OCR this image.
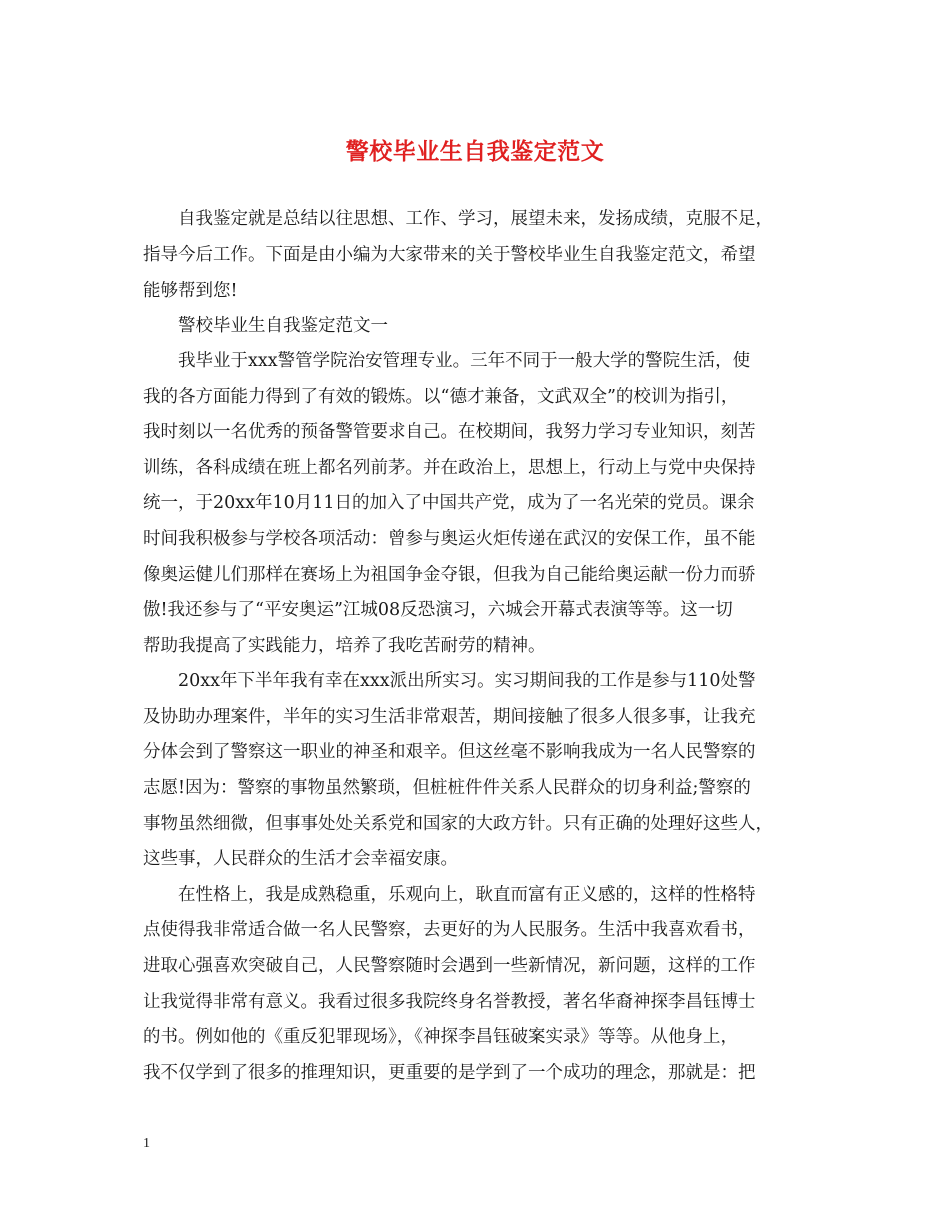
警校毕业生自我鉴定范文
自我鉴定就是总结以往思想、工作、学习，展望未来，发扬成绩，克服不足，
指导今后工作。下面是由小编为大家带来的关于警校毕业生自我鉴定范文，希望
能够帮到您!
警校毕业生自我鉴定范文一
我毕业于xxx警管学院治安管理专业。三年不同于一般大学的警院生活，使
我的各方面能力得到了有效的锻炼。以“德才兼备，文武双全”的校训为指引，
我时刻以一名优秀的预备警管要求自己。在校期间，我努力学习专业知识，刻苦
训练，各科成绩在班上都名列前茅。并在政治上，思想上，行动上与党中央保持
统一，于20xx年10月11日的加入了中国共产党，成为了一名光荣的党员。课余
时间我积极参与学校各项活动：曾参与奥运火炬传递在武汉的安保工作，虽不能
像奥运健儿们那样在赛场上为祖国争金夺银，但我为自己能给奥运献一份力而骄
傲!我还参与了“平安奥运”江城08反恐演习，六城会开幕式表演等等。这一切
帮助我提高了实践能力，培养了我吃苦耐劳的精神。
20xx年下半年我有幸在xxx派出所实习。实习期间我的工作是参与110处警
及协助办理案件，半年的实习生活非常艰苦，期间接触了很多人很多事，让我充
分体会到了警察这一职业的神圣和艰辛。但这丝毫不影响我成为一名人民警察的
志愿!因为：警察的事物虽然繁琐，但桩桩件件关系人民群众的切身利益;警察的
事物虽然细微，但事事处处关系党和国家的大政方针。只有正确的处理好这些人，
这些事，人民群众的生活才会幸福安康。
在性格上，我是成熟稳重，乐观向上，耿直而富有正义感的，这样的性格特
点使得我非常适合做一名人民警察，去更好的为人民服务。生活中我喜欢看书，
进取心强喜欢突破自己，人民警察随时会遇到一些新情况，新问题，这样的工作
让我觉得非常有意义。我看过很多我院终身名誉教授，著名华裔神探李昌钰博士
的书。例如他的《重反犯罪现场》，《神探李昌钰破案实录》等等。从他身上，
我不仅学到了很多的推理知识，更重要的是学到了一个成功的理念，那就是：把
1
